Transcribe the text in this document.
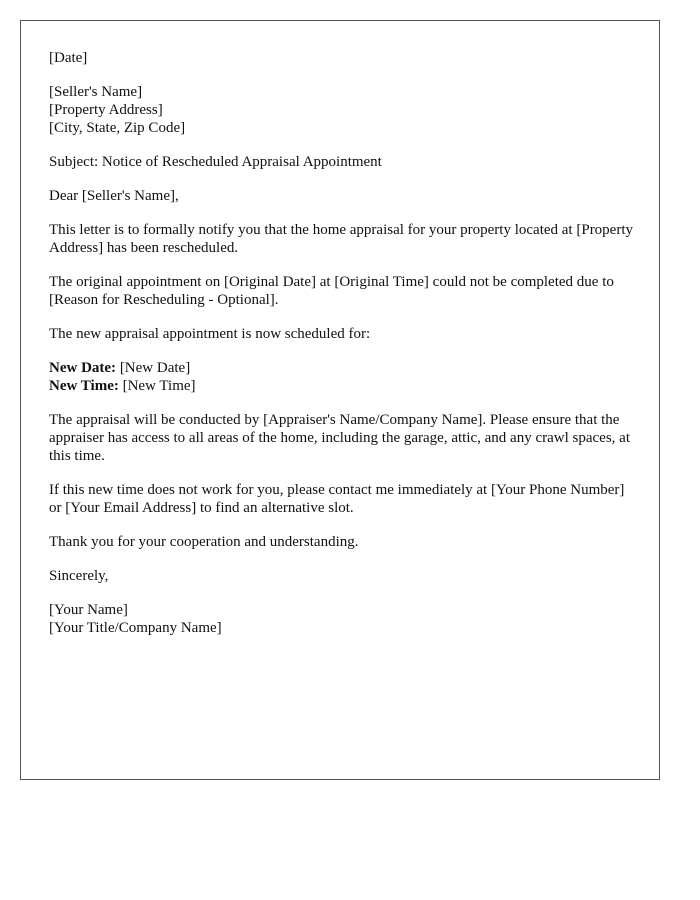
[Date]
[Seller's Name]
[Property Address]
[City, State, Zip Code]
Subject: Notice of Rescheduled Appraisal Appointment
Dear [Seller's Name],
This letter is to formally notify you that the home appraisal for your property located at [Property Address] has been rescheduled.
The original appointment on [Original Date] at [Original Time] could not be completed due to [Reason for Rescheduling - Optional].
The new appraisal appointment is now scheduled for:
New Date: [New Date]
New Time: [New Time]
The appraisal will be conducted by [Appraiser's Name/Company Name]. Please ensure that the appraiser has access to all areas of the home, including the garage, attic, and any crawl spaces, at this time.
If this new time does not work for you, please contact me immediately at [Your Phone Number] or [Your Email Address] to find an alternative slot.
Thank you for your cooperation and understanding.
Sincerely,
[Your Name]
[Your Title/Company Name]
